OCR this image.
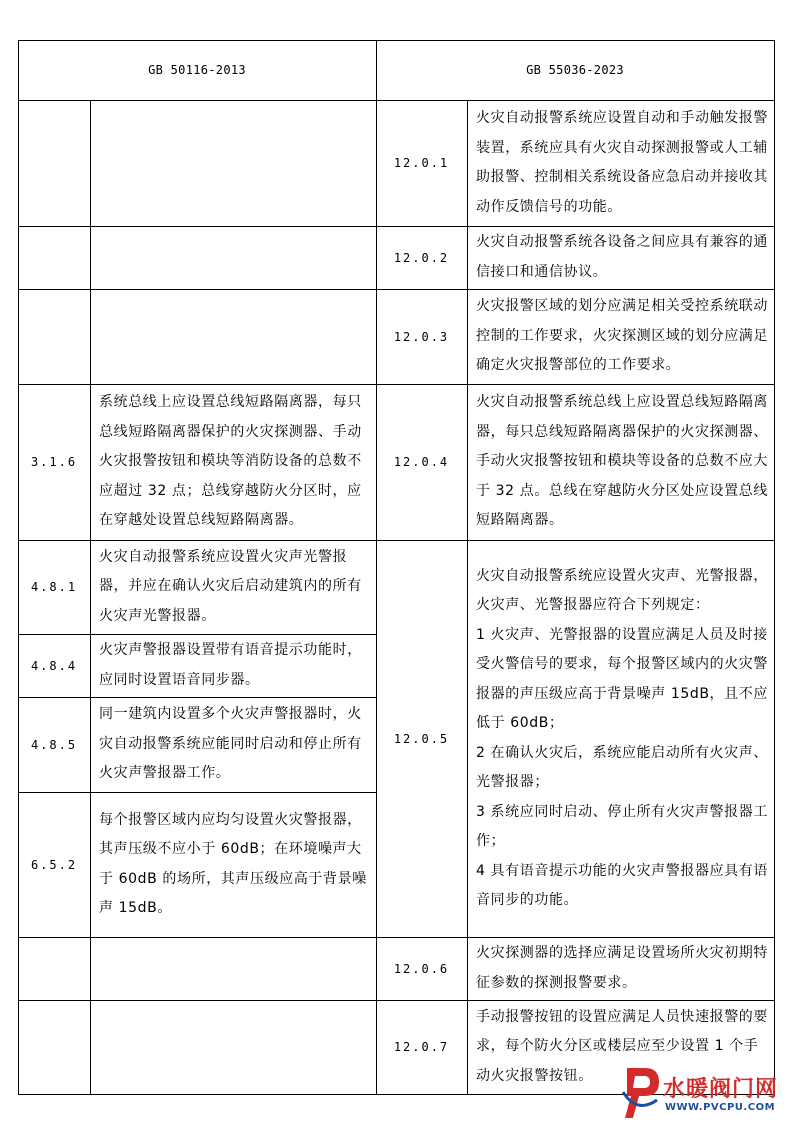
GB 50116-2013	GB 55036-2023
12.0.1
火灾自动报警系统应设置自动和手动触发报警装置，系统应具有火灾自动探测报警或人工辅助报警、控制相关系统设备应急启动并接收其动作反馈信号的功能。
12.0.2
火灾自动报警系统各设备之间应具有兼容的通信接口和通信协议。
12.0.3
火灾报警区域的划分应满足相关受控系统联动控制的工作要求，火灾探测区域的划分应满足确定火灾报警部位的工作要求。
3.1.6
系统总线上应设置总线短路隔离器，每只总线短路隔离器保护的火灾探测器、手动火灾报警按钮和模块等消防设备的总数不应超过 32 点；总线穿越防火分区时，应在穿越处设置总线短路隔离器。
12.0.4
火灾自动报警系统总线上应设置总线短路隔离器，每只总线短路隔离器保护的火灾探测器、手动火灾报警按钮和模块等设备的总数不应大于 32 点。总线在穿越防火分区处应设置总线短路隔离器。
4.8.1
火灾自动报警系统应设置火灾声光警报器，并应在确认火灾后启动建筑内的所有火灾声光警报器。
4.8.4
火灾声警报器设置带有语音提示功能时，应同时设置语音同步器。
4.8.5
同一建筑内设置多个火灾声警报器时，火灾自动报警系统应能同时启动和停止所有火灾声警报器工作。
6.5.2
每个报警区域内应均匀设置火灾警报器，其声压级不应小于 60dB；在环境噪声大于 60dB 的场所，其声压级应高于背景噪声 15dB。
12.0.5
火灾自动报警系统应设置火灾声、光警报器，火灾声、光警报器应符合下列规定：
1 火灾声、光警报器的设置应满足人员及时接受火警信号的要求，每个报警区域内的火灾警报器的声压级应高于背景噪声 15dB，且不应低于 60dB；
2 在确认火灾后，系统应能启动所有火灾声、光警报器；
3 系统应同时启动、停止所有火灾声警报器工作；
4 具有语音提示功能的火灾声警报器应具有语音同步的功能。
12.0.6
火灾探测器的选择应满足设置场所火灾初期特征参数的探测报警要求。
12.0.7
手动报警按钮的设置应满足人员快速报警的要求，每个防火分区或楼层应至少设置 1 个手动火灾报警按钮。
水暖阀门网
WWW.PVCPU.COM
